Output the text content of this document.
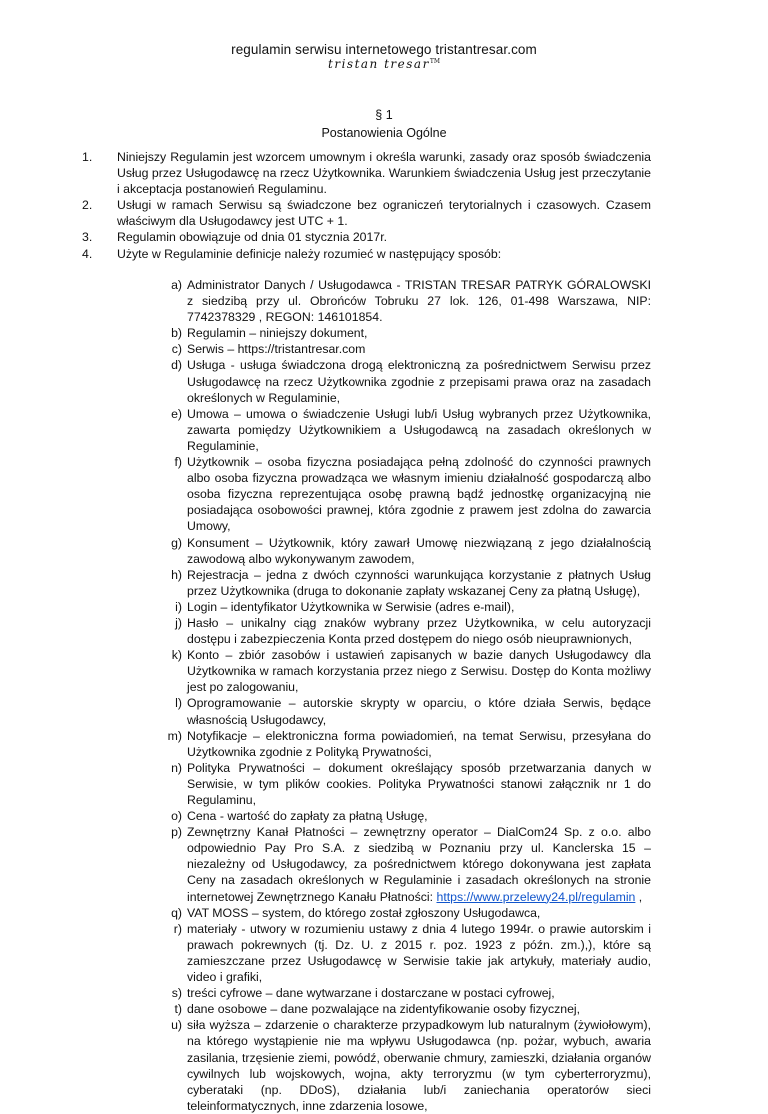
regulamin serwisu internetowego tristantresar.com
tristan tresar™
§ 1
Postanowienia Ogólne
1. Niniejszy Regulamin jest wzorcem umownym i określa warunki, zasady oraz sposób świadczenia Usług przez Usługodawcę na rzecz Użytkownika. Warunkiem świadczenia Usług jest przeczytanie i akceptacja postanowień Regulaminu.
2. Usługi w ramach Serwisu są świadczone bez ograniczeń terytorialnych i czasowych. Czasem właściwym dla Usługodawcy jest UTC + 1.
3. Regulamin obowiązuje od dnia 01 stycznia 2017r.
4. Użyte w Regulaminie definicje należy rozumieć w następujący sposób:
a) Administrator Danych / Usługodawca - TRISTAN TRESAR PATRYK GÓRALOWSKI z siedzibą przy ul. Obrońców Tobruku 27 lok. 126, 01-498 Warszawa, NIP: 7742378329 , REGON: 146101854.
b) Regulamin – niniejszy dokument,
c) Serwis – https://tristantresar.com
d) Usługa - usługa świadczona drogą elektroniczną za pośrednictwem Serwisu przez Usługodawcę na rzecz Użytkownika zgodnie z przepisami prawa oraz na zasadach określonych w Regulaminie,
e) Umowa – umowa o świadczenie Usługi lub/i Usług wybranych przez Użytkownika, zawarta pomiędzy Użytkownikiem a Usługodawcą na zasadach określonych w Regulaminie,
f) Użytkownik – osoba fizyczna posiadająca pełną zdolność do czynności prawnych albo osoba fizyczna prowadząca we własnym imieniu działalność gospodarczą albo osoba fizyczna reprezentująca osobę prawną bądź jednostkę organizacyjną nie posiadająca osobowości prawnej, która zgodnie z prawem jest zdolna do zawarcia Umowy,
g) Konsument – Użytkownik, który zawarł Umowę niezwiązaną z jego działalnością zawodową albo wykonywanym zawodem,
h) Rejestracja – jedna z dwóch czynności warunkująca korzystanie z płatnych Usług przez Użytkownika (druga to dokonanie zapłaty wskazanej Ceny za płatną Usługę),
i) Login – identyfikator Użytkownika w Serwisie (adres e-mail),
j) Hasło – unikalny ciąg znaków wybrany przez Użytkownika, w celu autoryzacji dostępu i zabezpieczenia Konta przed dostępem do niego osób nieuprawnionych,
k) Konto – zbiór zasobów i ustawień zapisanych w bazie danych Usługodawcy dla Użytkownika w ramach korzystania przez niego z Serwisu. Dostęp do Konta możliwy jest po zalogowaniu,
l) Oprogramowanie – autorskie skrypty w oparciu, o które działa Serwis, będące własnością Usługodawcy,
m) Notyfikacje – elektroniczna forma powiadomień, na temat Serwisu, przesyłana do Użytkownika zgodnie z Polityką Prywatności,
n) Polityka Prywatności – dokument określający sposób przetwarzania danych w Serwisie, w tym plików cookies. Polityka Prywatności stanowi załącznik nr 1 do Regulaminu,
o) Cena - wartość do zapłaty za płatną Usługę,
p) Zewnętrzny Kanał Płatności – zewnętrzny operator – DialCom24 Sp. z o.o. albo odpowiednio Pay Pro S.A. z siedzibą w Poznaniu przy ul. Kanclerska 15 – niezależny od Usługodawcy, za pośrednictwem którego dokonywana jest zapłata Ceny na zasadach określonych w Regulaminie i zasadach określonych na stronie internetowej Zewnętrznego Kanału Płatności: https://www.przelewy24.pl/regulamin ,
q) VAT MOSS – system, do którego został zgłoszony Usługodawca,
r) materiały - utwory w rozumieniu ustawy z dnia 4 lutego 1994r. o prawie autorskim i prawach pokrewnych (tj. Dz. U. z 2015 r. poz. 1923 z późn. zm.),), które są zamieszczane przez Usługodawcę w Serwisie takie jak artykuły, materiały audio, video i grafiki,
s) treści cyfrowe – dane wytwarzane i dostarczane w postaci cyfrowej,
t) dane osobowe – dane pozwalające na zidentyfikowanie osoby fizycznej,
u) siła wyższa – zdarzenie o charakterze przypadkowym lub naturalnym (żywiołowym), na którego wystąpienie nie ma wpływu Usługodawca (np. pożar, wybuch, awaria zasilania, trzęsienie ziemi, powódź, oberwanie chmury, zamieszki, działania organów cywilnych lub wojskowych, wojna, akty terroryzmu (w tym cyberterroryzmu), cyberataki (np. DDoS), działania lub/i zaniechania operatorów sieci teleinformatycznych, inne zdarzenia losowe,
